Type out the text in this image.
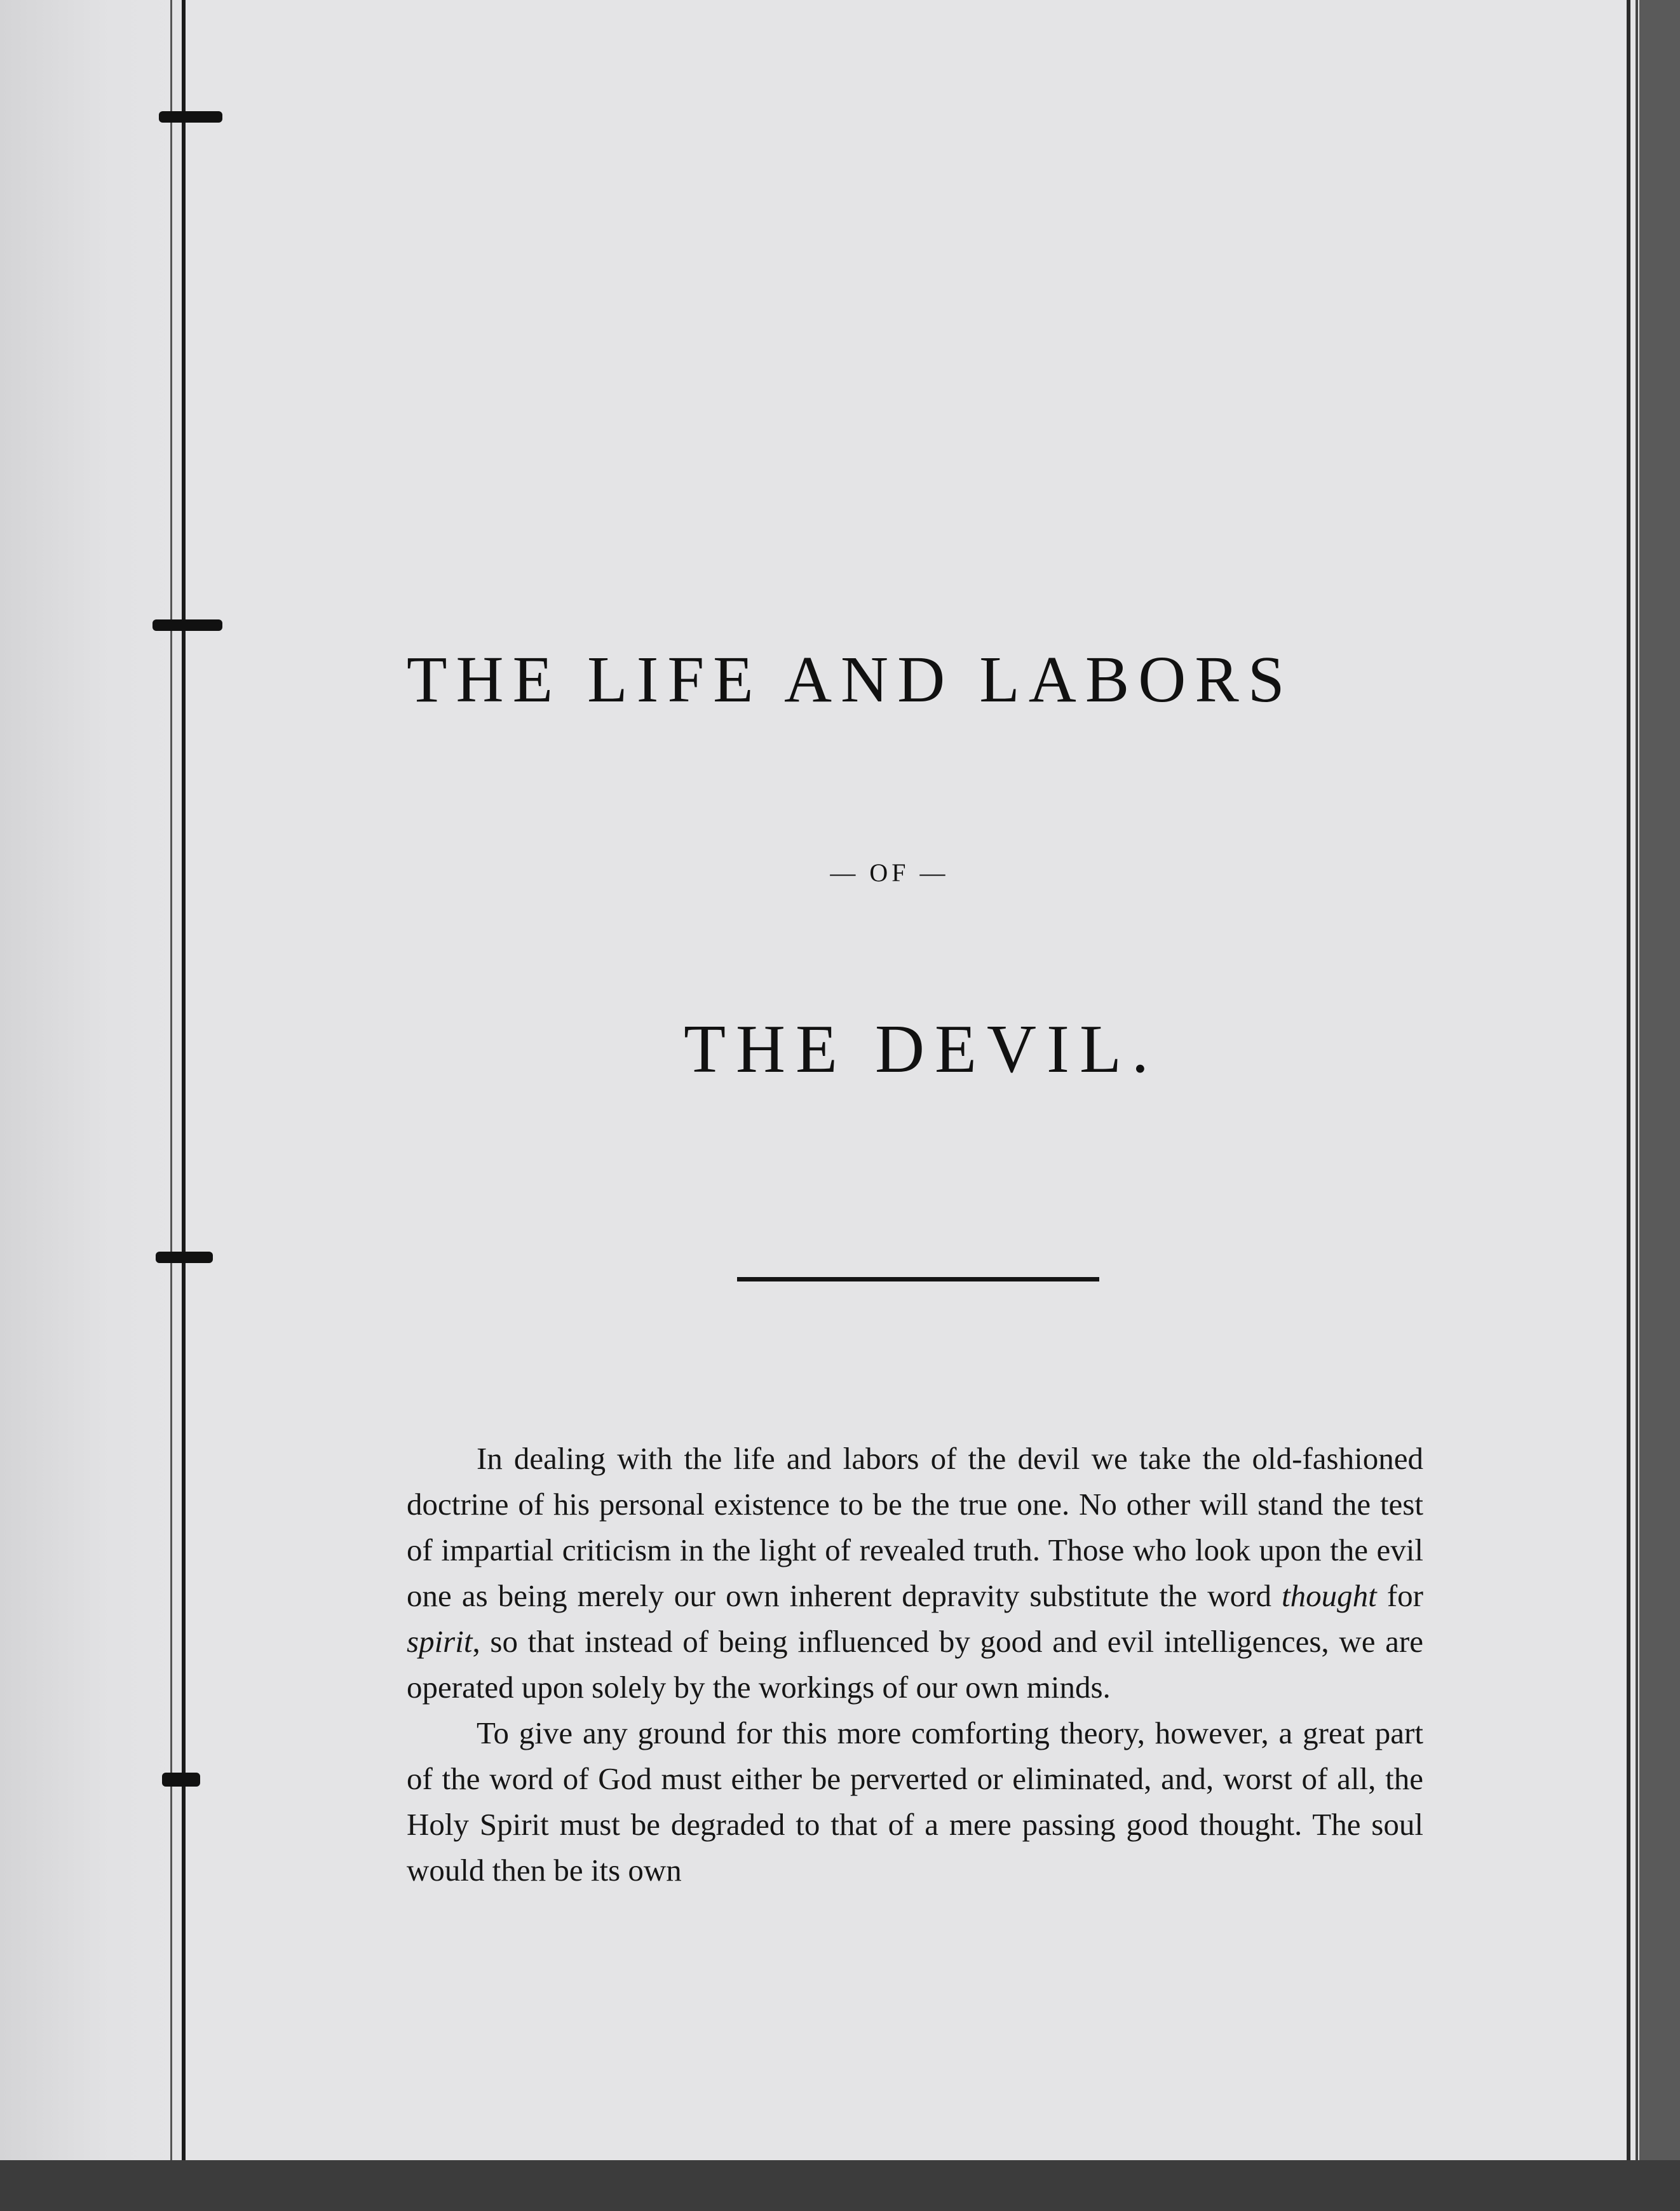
THE LIFE AND LABORS
— OF —
THE DEVIL.

In dealing with the life and labors of the devil we take the old-fashioned doctrine of his personal existence to be the true one. No other will stand the test of impartial criticism in the light of revealed truth. Those who look upon the evil one as being merely our own inherent depravity substitute the word thought for spirit, so that instead of being influenced by good and evil intelligences, we are operated upon solely by the workings of our own minds.

To give any ground for this more comforting theory, however, a great part of the word of God must either be perverted or eliminated, and, worst of all, the Holy Spirit must be degraded to that of a mere passing good thought. The soul would then be its own
